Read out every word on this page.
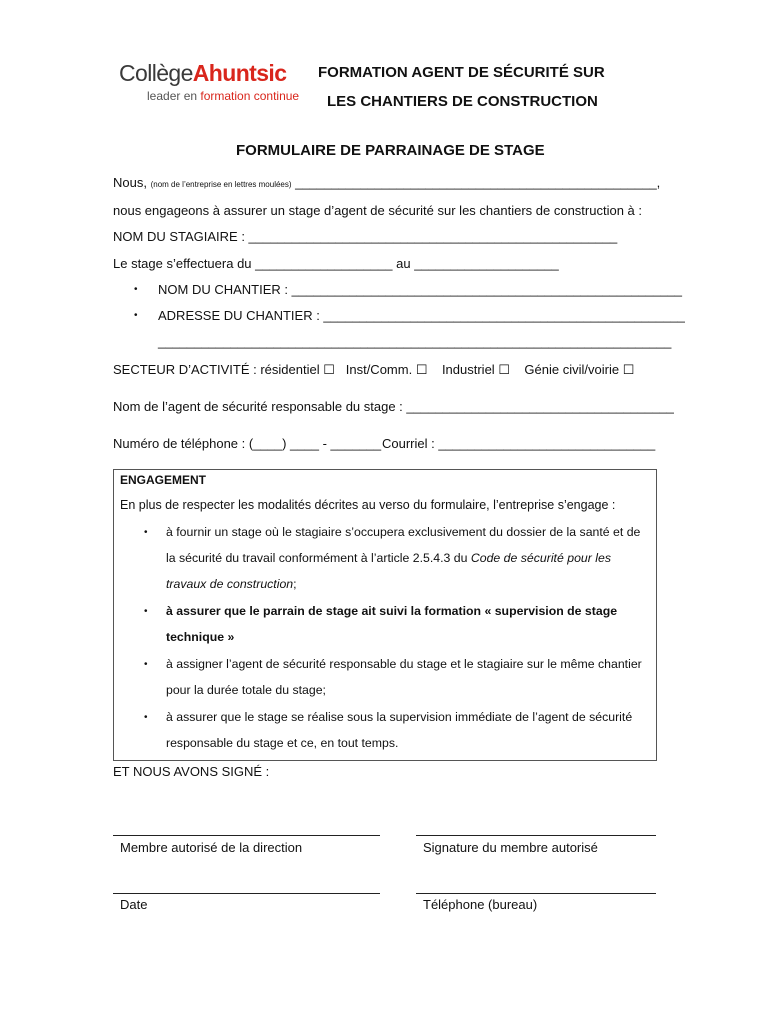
CollègeAhuntsic
leader en formation continue
FORMATION AGENT DE SÉCURITÉ SUR
LES CHANTIERS DE CONSTRUCTION
FORMULAIRE DE PARRAINAGE DE STAGE
Nous, (nom de l’entreprise en lettres moulées) __________________________________________________,
nous engageons à assurer un stage d’agent de sécurité sur les chantiers de construction à :
NOM DU STAGIAIRE : ___________________________________________________
Le stage s’effectuera du ___________________ au ____________________
• NOM DU CHANTIER : ______________________________________________________
• ADRESSE DU CHANTIER : __________________________________________________
_______________________________________________________________________
SECTEUR D’ACTIVITÉ : résidentiel ☐ Inst/Comm. ☐ Industriel ☐ Génie civil/voirie ☐
Nom de l’agent de sécurité responsable du stage : _____________________________________
Numéro de téléphone : (____) ____ - _______ Courriel : ______________________________
ENGAGEMENT
En plus de respecter les modalités décrites au verso du formulaire, l’entreprise s’engage :
• à fournir un stage où le stagiaire s’occupera exclusivement du dossier de la santé et de
la sécurité du travail conformément à l’article 2.5.4.3 du Code de sécurité pour les
travaux de construction;
• à assurer que le parrain de stage ait suivi la formation « supervision de stage
technique »
• à assigner l’agent de sécurité responsable du stage et le stagiaire sur le même chantier
pour la durée totale du stage;
• à assurer que le stage se réalise sous la supervision immédiate de l’agent de sécurité
responsable du stage et ce, en tout temps.
ET NOUS AVONS SIGNÉ :
Membre autorisé de la direction	Signature du membre autorisé
Date	Téléphone (bureau)
